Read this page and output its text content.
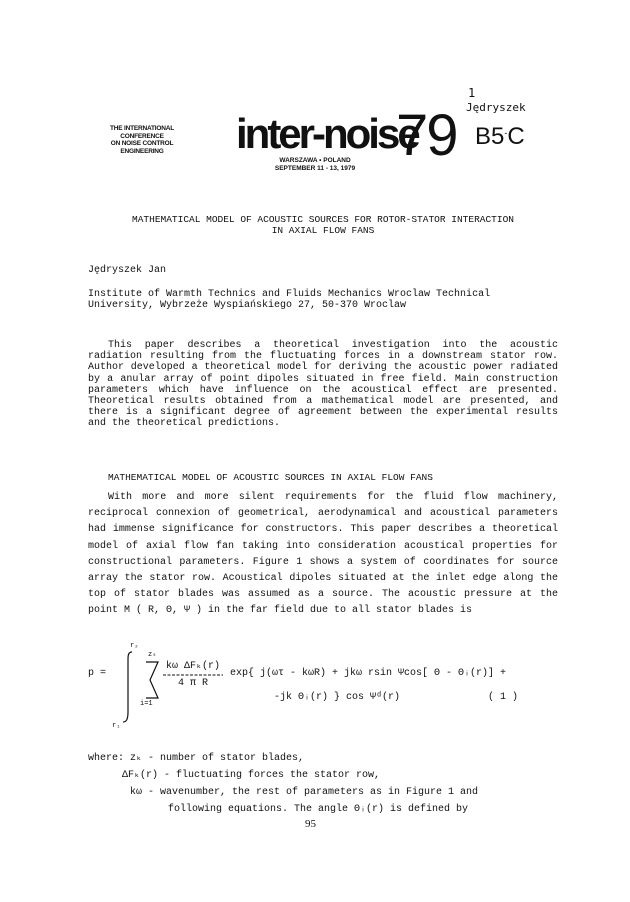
1
Jędryszek
THE INTERNATIONAL
CONFERENCE
ON NOISE CONTROL
ENGINEERING	inter-noise
79
WARSZAWA • POLAND
SEPTEMBER 11 - 13, 1979
B5-C
MATHEMATICAL MODEL OF ACOUSTIC SOURCES FOR ROTOR-STATOR INTERACTION
IN AXIAL FLOW FANS
Jędryszek Jan
Institute of Warmth Technics and Fluids Mechanics Wroclaw Technical
University, Wybrzeże Wyspiańskiego 27, 50-370 Wroclaw
This paper describes a theoretical investigation into the acoustic radiation resulting from the fluctuating forces in a downstream stator row. Author developed a theoretical model for deriving the acoustic power radiated by a anular array of point dipoles situated in free field. Main construction parameters which have influence on the acoustical effect are presented. Theoretical results obtained from a mathematical model are presented, and there is a significant degree of agreement between the experimental results and the theoretical predictions.
MATHEMATICAL MODEL OF ACOUSTIC SOURCES IN AXIAL FLOW FANS
With more and more silent requirements for the fluid flow machinery, reciprocal connexion of geometrical, aerodynamical and acoustical parameters had immense significance for constructors. This paper describes a theoretical model of axial flow fan taking into consideration acoustical properties for constructional parameters. Figure 1 shows a system of coordinates for source array the stator row. Acoustical dipoles situated at the inlet edge along the top of stator blades was assumed as a source. The acoustic pressure at the point M ( R, Θ, Ψ ) in the far field due to all stator blades is
p =
r₂
r₁
zₛ
i=1
kω ΔFₖ(r)
4 π R
exp{ j(ωτ - kωR) + jkω rsin Ψcos[ Θ - Θᵢ(r)] +
-jk Θᵢ(r) } cos Ψᵈ(r)	( 1 )
where: zₖ - number of stator blades,
ΔFₖ(r) - fluctuating forces the stator row,
kω - wavenumber, the rest of parameters as in Figure 1 and
following equations. The angle Θᵢ(r) is defined by
95
